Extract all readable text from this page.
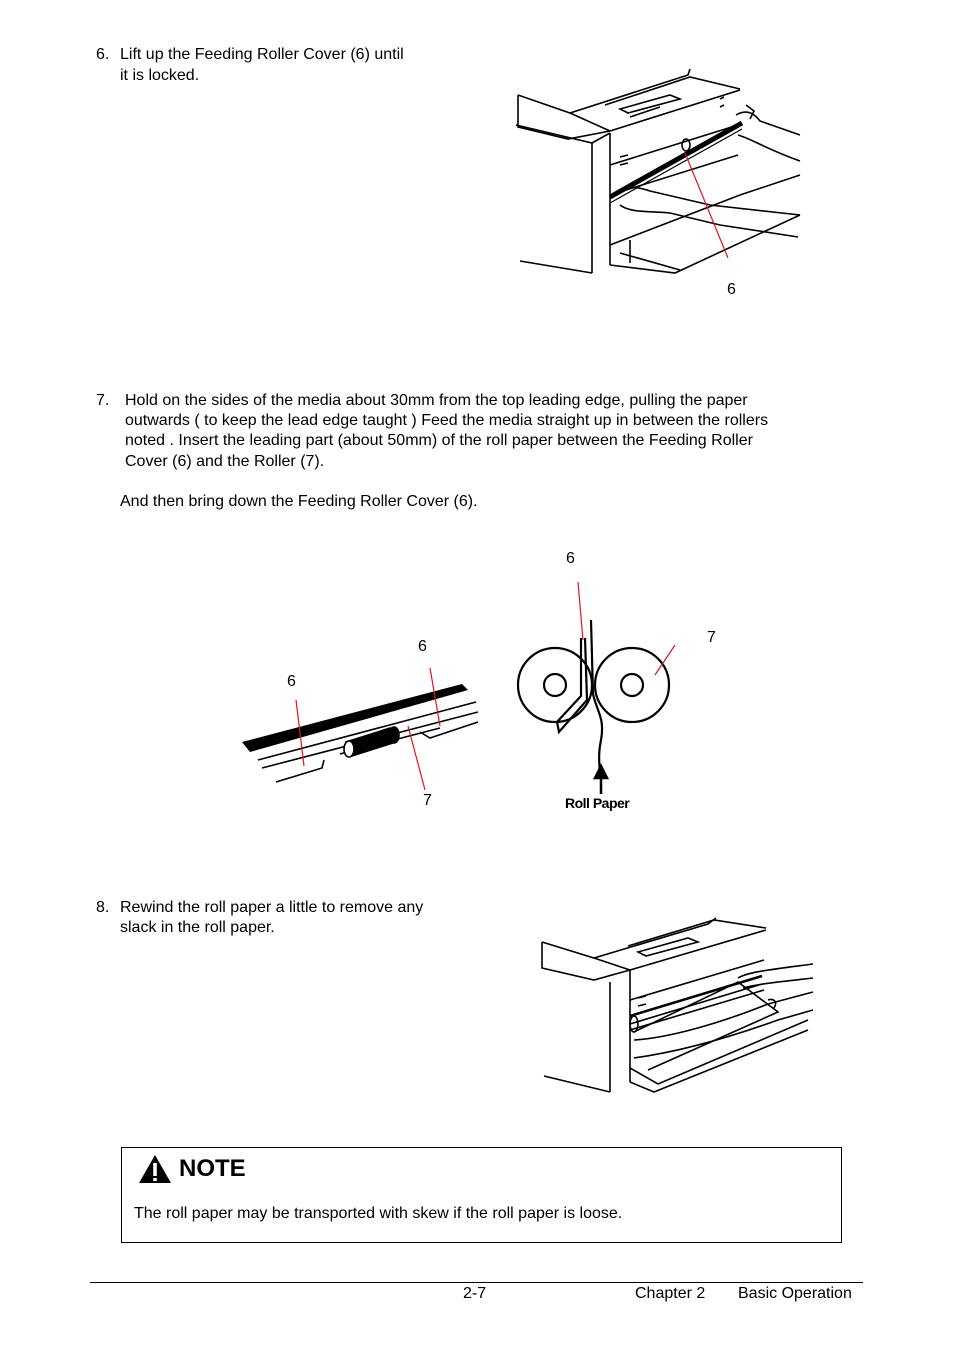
6. Lift up the Feeding Roller Cover (6) until
it is locked.
6
7. Hold on the sides of the media about 30mm from the top leading edge, pulling the paper
outwards ( to keep the lead edge taught ) Feed the media straight up in between the rollers
noted . Insert the leading part (about 50mm) of the roll paper between the Feeding Roller
Cover (6) and the Roller (7).
And then bring down the Feeding Roller Cover (6).
6
6
7
6
7
Roll Paper
8. Rewind the roll paper a little to remove any
slack in the roll paper.
NOTE
The roll paper may be transported with skew if the roll paper is loose.
2-7	Chapter 2 Basic Operation
